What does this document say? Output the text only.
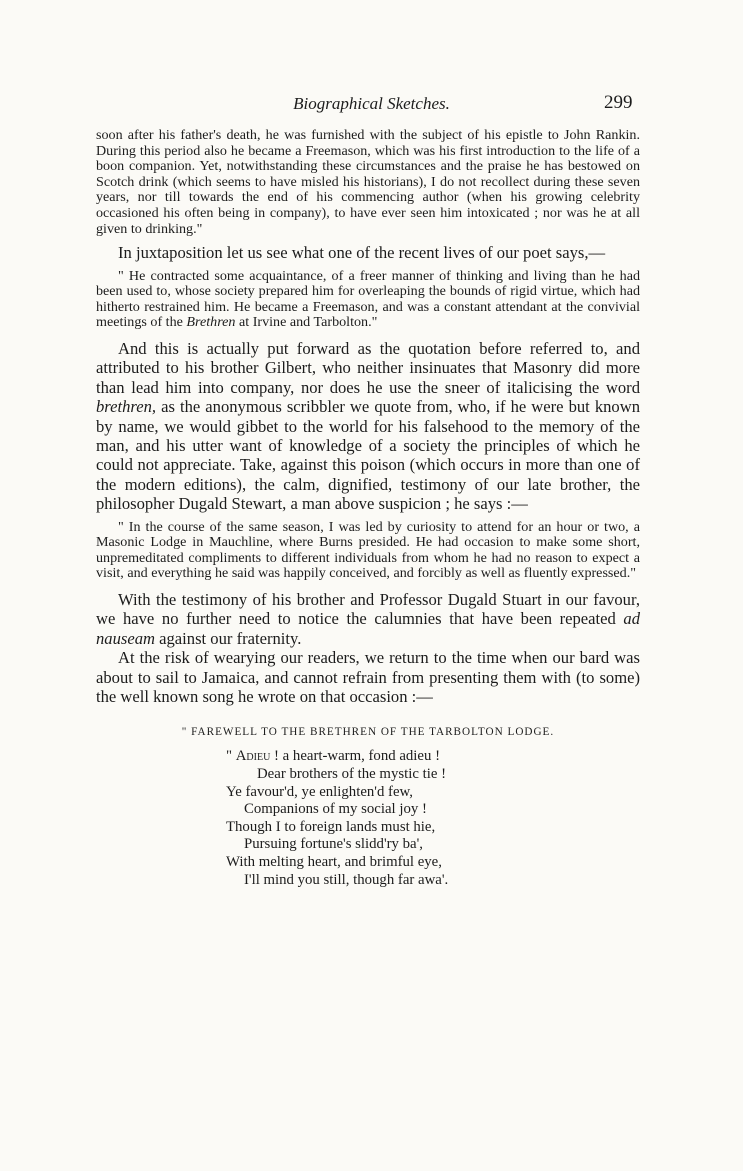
Biographical Sketches.	299

soon after his father's death, he was furnished with the subject of his epistle to John Rankin. During this period also he became a Freemason, which was his first introduction to the life of a boon companion. Yet, notwithstanding these circumstances and the praise he has bestowed on Scotch drink (which seems to have misled his historians), I do not recollect during these seven years, nor till towards the end of his commencing author (when his growing celebrity occasioned his often being in company), to have ever seen him intoxicated ; nor was he at all given to drinking."

In juxtaposition let us see what one of the recent lives of our poet says,—

" He contracted some acquaintance, of a freer manner of thinking and living than he had been used to, whose society prepared him for overleaping the bounds of rigid virtue, which had hitherto restrained him. He became a Freemason, and was a constant attendant at the convivial meetings of the Brethren at Irvine and Tarbolton."

And this is actually put forward as the quotation before referred to, and attributed to his brother Gilbert, who neither insinuates that Masonry did more than lead him into company, nor does he use the sneer of italicising the word brethren, as the anonymous scribbler we quote from, who, if he were but known by name, we would gibbet to the world for his falsehood to the memory of the man, and his utter want of knowledge of a society the principles of which he could not appreciate. Take, against this poison (which occurs in more than one of the modern editions), the calm, dignified, testimony of our late brother, the philosopher Dugald Stewart, a man above suspicion ; he says :—

" In the course of the same season, I was led by curiosity to attend for an hour or two, a Masonic Lodge in Mauchline, where Burns presided. He had occasion to make some short, unpremeditated compliments to different individuals from whom he had no reason to expect a visit, and everything he said was happily conceived, and forcibly as well as fluently expressed."

With the testimony of his brother and Professor Dugald Stuart in our favour, we have no further need to notice the calumnies that have been repeated ad nauseam against our fraternity.

At the risk of wearying our readers, we return to the time when our bard was about to sail to Jamaica, and cannot refrain from presenting them with (to some) the well known song he wrote on that occasion :—

" FAREWELL TO THE BRETHREN OF THE TARBOLTON LODGE.
" Adieu ! a heart-warm, fond adieu !
Dear brothers of the mystic tie !
Ye favour'd, ye enlighten'd few,
Companions of my social joy !
Though I to foreign lands must hie,
Pursuing fortune's slidd'ry ba',
With melting heart, and brimful eye,
I'll mind you still, though far awa'.
